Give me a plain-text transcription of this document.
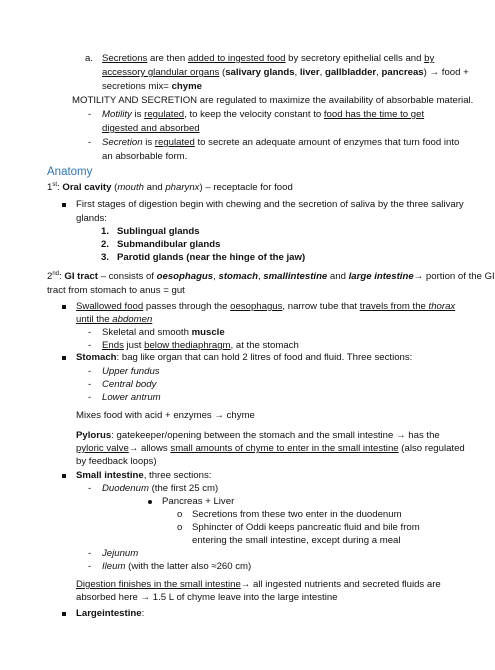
a. Secretions are then added to ingested food by secretory epithelial cells and by
accessory glandular organs (salivary glands, liver, gallbladder, pancreas) → food +
secretions mix= chyme
MOTILITY AND SECRETION are regulated to maximize the availability of absorbable material.
- Motility is regulated, to keep the velocity constant to food has the time to get
digested and absorbed
- Secretion is regulated to secrete an adequate amount of enzymes that turn food into
an absorbable form.
Anatomy
1st: Oral cavity (mouth and pharynx) – receptacle for food
First stages of digestion begin with chewing and the secretion of saliva by the three salivary
glands:
1. Sublingual glands
2. Submandibular glands
3. Parotid glands (near the hinge of the jaw)
2nd: GI tract – consists of oesophagus, stomach, smallintestine and large intestine→ portion of the GI
tract from stomach to anus = gut
Swallowed food passes through the oesophagus, narrow tube that travels from the thorax
until the abdomen
- Skeletal and smooth muscle
- Ends just below thediaphragm, at the stomach
Stomach: bag like organ that can hold 2 litres of food and fluid. Three sections:
- Upper fundus
- Central body
- Lower antrum
Mixes food with acid + enzymes → chyme
Pylorus: gatekeeper/opening between the stomach and the small intestine → has the
pyloric valve→ allows small amounts of chyme to enter in the small intestine (also regulated
by feedback loops)
Small intestine, three sections:
- Duodenum (the first 25 cm)
Pancreas + Liver
o Secretions from these two enter in the duodenum
o Sphincter of Oddi keeps pancreatic fluid and bile from
entering the small intestine, except during a meal
- Jejunum
- Ileum (with the latter also ≈260 cm)
Digestion finishes in the small intestine→ all ingested nutrients and secreted fluids are
absorbed here → 1.5 L of chyme leave into the large intestine
Largeintestine:
